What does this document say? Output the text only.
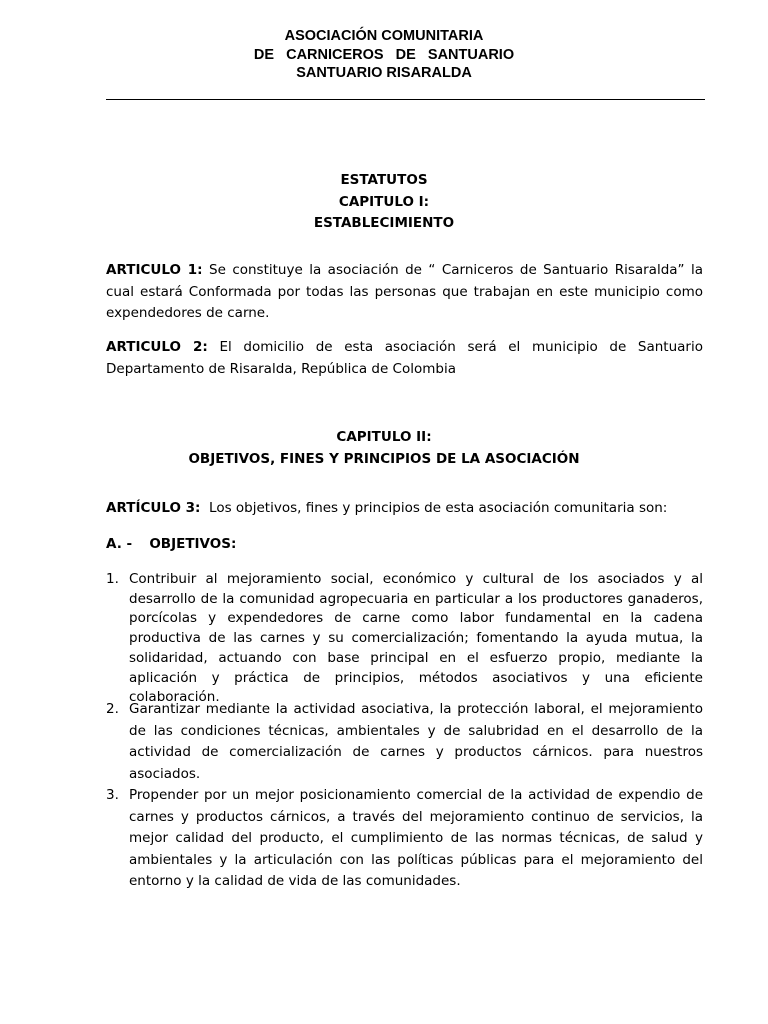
ASOCIACIÓN COMUNITARIA
DE   CARNICEROS   DE   SANTUARIO
SANTUARIO RISARALDA
ESTATUTOS
CAPITULO I:
ESTABLECIMIENTO
ARTICULO 1: Se constituye la asociación de “ Carniceros de Santuario Risaralda” la cual estará Conformada por todas las personas que trabajan en este municipio como expendedores de carne.
ARTICULO 2: El domicilio de esta asociación será el municipio de Santuario Departamento de Risaralda, República de Colombia
CAPITULO II:
OBJETIVOS, FINES Y PRINCIPIOS DE LA ASOCIACIÓN
ARTÍCULO 3: Los objetivos, fines y principios de esta asociación comunitaria son:
A. - OBJETIVOS:
1. Contribuir al mejoramiento social, económico y cultural de los asociados y al desarrollo de la comunidad agropecuaria en particular a los productores ganaderos, porcícolas y expendedores de carne como labor fundamental en la cadena productiva de las carnes y su comercialización; fomentando la ayuda mutua, la solidaridad, actuando con base principal en el esfuerzo propio, mediante la aplicación y práctica de principios, métodos asociativos y una eficiente colaboración.
2. Garantizar mediante la actividad asociativa, la protección laboral, el mejoramiento de las condiciones técnicas, ambientales y de salubridad en el desarrollo de la actividad de comercialización de carnes y productos cárnicos. para nuestros asociados.
3. Propender por un mejor posicionamiento comercial de la actividad de expendio de carnes y productos cárnicos, a través del mejoramiento continuo de servicios, la mejor calidad del producto, el cumplimiento de las normas técnicas, de salud y ambientales y la articulación con las políticas públicas para el mejoramiento del entorno y la calidad de vida de las comunidades.
